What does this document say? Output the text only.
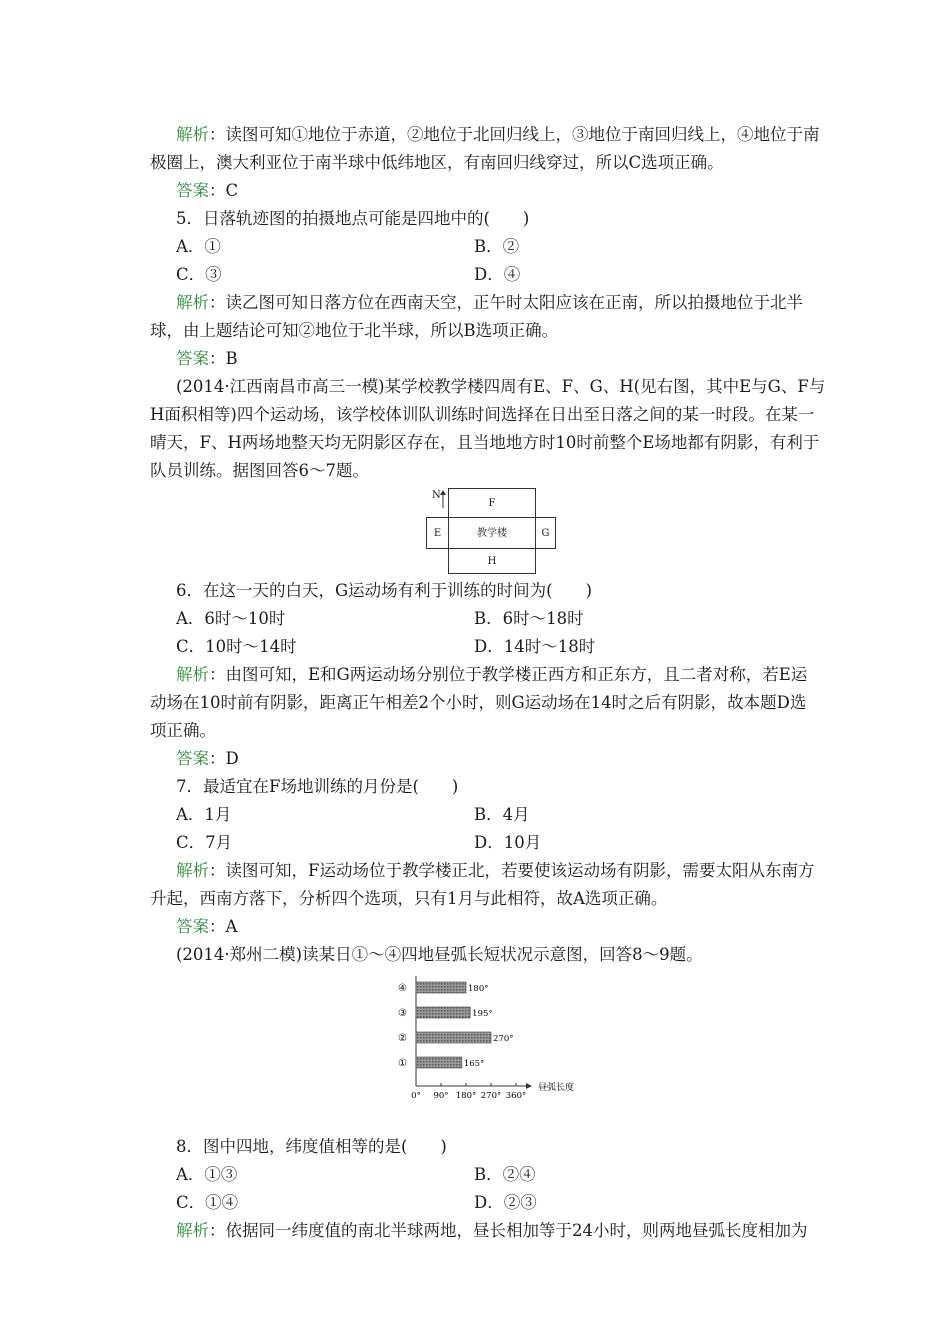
解析：读图可知①地位于赤道，②地位于北回归线上，③地位于南回归线上，④地位于南
极圈上，澳大利亚位于南半球中低纬地区，有南回归线穿过，所以C选项正确。
答案：C
5．日落轨迹图的拍摄地点可能是四地中的(　　)
A．①	B．②
C．③	D．④
解析：读乙图可知日落方位在西南天空，正午时太阳应该在正南，所以拍摄地位于北半
球，由上题结论可知②地位于北半球，所以B选项正确。
答案：B
(2014·江西南昌市高三一模)某学校教学楼四周有E、F、G、H(见右图，其中E与G、F与
H面积相等)四个运动场，该学校体训队训练时间选择在日出至日落之间的某一时段。在某一
晴天，F、H两场地整天均无阴影区存在，且当地地方时10时前整个E场地都有阴影，有利于
队员训练。据图回答6～7题。
N
F
E	教学楼	G
H
6．在这一天的白天，G运动场有利于训练的时间为(　　)
A．6时～10时	B．6时～18时
C．10时～14时	D．14时～18时
解析：由图可知，E和G两运动场分别位于教学楼正西方和正东方，且二者对称，若E运
动场在10时前有阴影，距离正午相差2个小时，则G运动场在14时之后有阴影，故本题D选
项正确。
答案：D
7．最适宜在F场地训练的月份是(　　)
A．1月	B．4月
C．7月	D．10月
解析：读图可知，F运动场位于教学楼正北，若要使该运动场有阴影，需要太阳从东南方
升起，西南方落下，分析四个选项，只有1月与此相符，故A选项正确。
答案：A
(2014·郑州二模)读某日①～④四地昼弧长短状况示意图，回答8～9题。
④	180°
③	195°
②	270°
①	165°
0° 90° 180° 270° 360°
昼弧长度
8．图中四地，纬度值相等的是(　　)
A．①③	B．②④
C．①④	D．②③
解析：依据同一纬度值的南北半球两地，昼长相加等于24小时，则两地昼弧长度相加为
